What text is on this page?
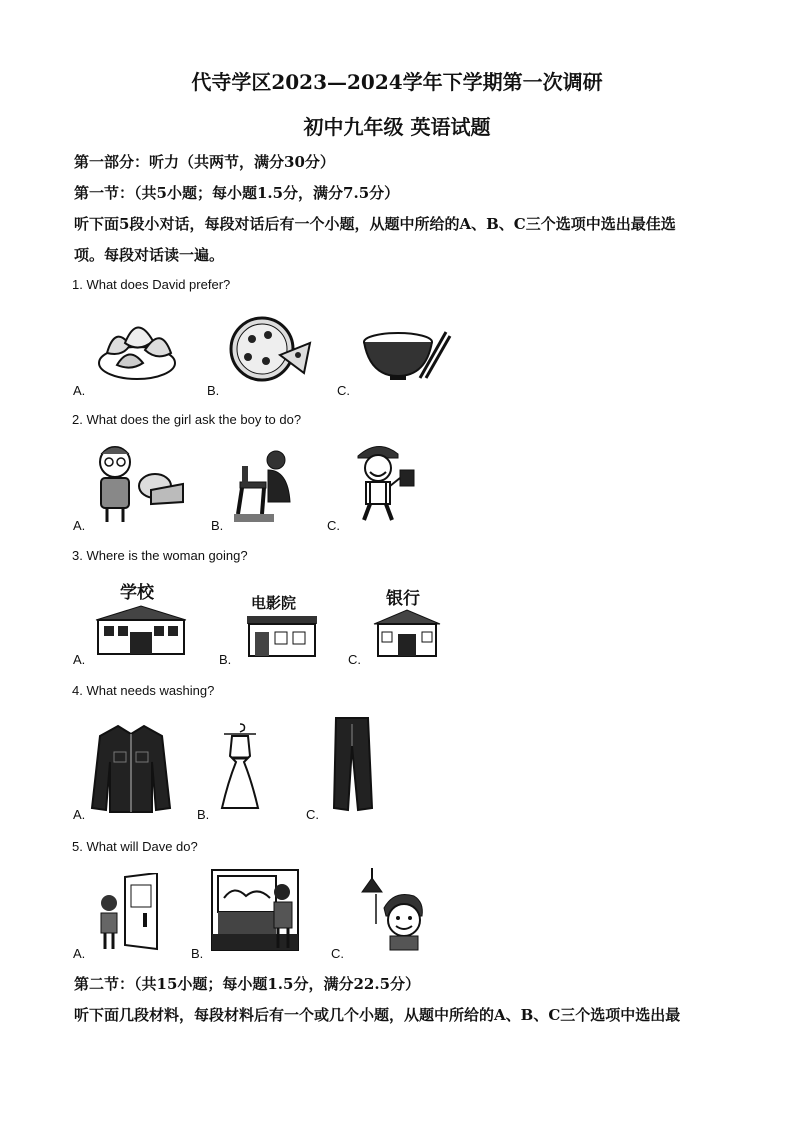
代寺学区2023—2024学年下学期第一次调研
初中九年级 英语试题
第一部分：听力（共两节，满分30分）
第一节：（共5小题；每小题1.5分，满分7.5分）
听下面5段小对话，每段对话后有一个小题，从题中所给的A、B、C三个选项中选出最佳选
项。每段对话读一遍。
1. What does David prefer?
A.	B.	C.
2. What does the girl ask the boy to do?
A.	B.	C.
3. Where is the woman going?
A.	B.	C.
学校	电影院	银行
4. What needs washing?
A.	B.	C.
5. What will Dave do?
A.	B.	C.
第二节：（共15小题；每小题1.5分，满分22.5分）
听下面几段材料，每段材料后有一个或几个小题，从题中所给的A、B、C三个选项中选出最
